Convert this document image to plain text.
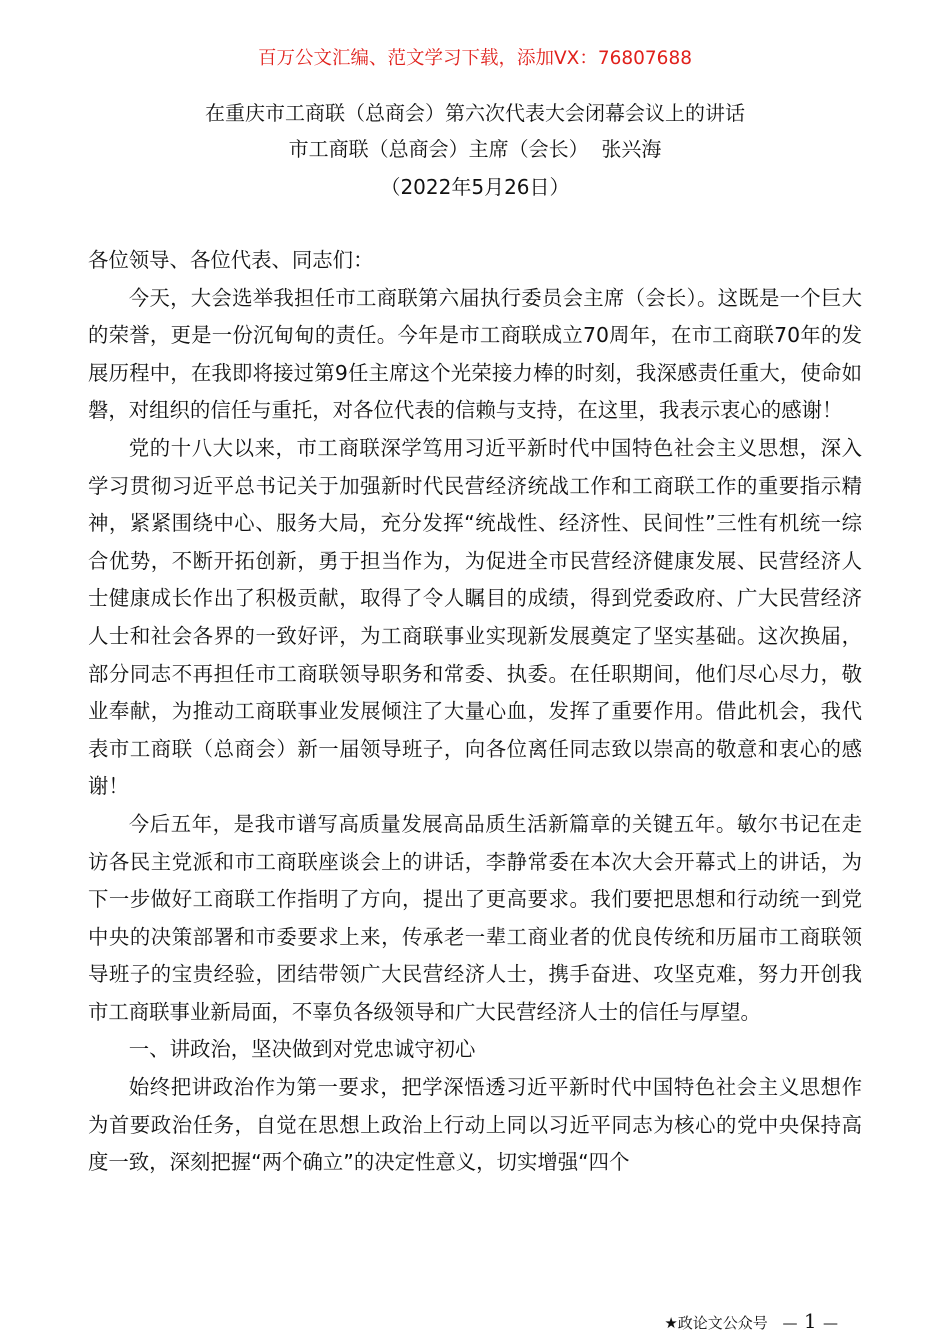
百万公文汇编、范文学习下载，添加VX：76807688
在重庆市工商联（总商会）第六次代表大会闭幕会议上的讲话
市工商联（总商会）主席（会长）  张兴海
（2022年5月26日）

各位领导、各位代表、同志们：

今天，大会选举我担任市工商联第六届执行委员会主席（会长）。这既是一个巨大的荣誉，更是一份沉甸甸的责任。今年是市工商联成立70周年，在市工商联70年的发展历程中，在我即将接过第9任主席这个光荣接力棒的时刻，我深感责任重大，使命如磐，对组织的信任与重托，对各位代表的信赖与支持，在这里，我表示衷心的感谢！

党的十八大以来，市工商联深学笃用习近平新时代中国特色社会主义思想，深入学习贯彻习近平总书记关于加强新时代民营经济统战工作和工商联工作的重要指示精神，紧紧围绕中心、服务大局，充分发挥“统战性、经济性、民间性”三性有机统一综合优势，不断开拓创新，勇于担当作为，为促进全市民营经济健康发展、民营经济人士健康成长作出了积极贡献，取得了令人瞩目的成绩，得到党委政府、广大民营经济人士和社会各界的一致好评，为工商联事业实现新发展奠定了坚实基础。这次换届，部分同志不再担任市工商联领导职务和常委、执委。在任职期间，他们尽心尽力，敬业奉献，为推动工商联事业发展倾注了大量心血，发挥了重要作用。借此机会，我代表市工商联（总商会）新一届领导班子，向各位离任同志致以崇高的敬意和衷心的感谢！

今后五年，是我市谱写高质量发展高品质生活新篇章的关键五年。敏尔书记在走访各民主党派和市工商联座谈会上的讲话，李静常委在本次大会开幕式上的讲话，为下一步做好工商联工作指明了方向，提出了更高要求。我们要把思想和行动统一到党中央的决策部署和市委要求上来，传承老一辈工商业者的优良传统和历届市工商联领导班子的宝贵经验，团结带领广大民营经济人士，携手奋进、攻坚克难，努力开创我市工商联事业新局面，不辜负各级领导和广大民营经济人士的信任与厚望。

一、讲政治，坚决做到对党忠诚守初心

始终把讲政治作为第一要求，把学深悟透习近平新时代中国特色社会主义思想作为首要政治任务，自觉在思想上政治上行动上同以习近平同志为核心的党中央保持高度一致，深刻把握“两个确立”的决定性意义，切实增强“四个

★政论文公众号 — 1 —
